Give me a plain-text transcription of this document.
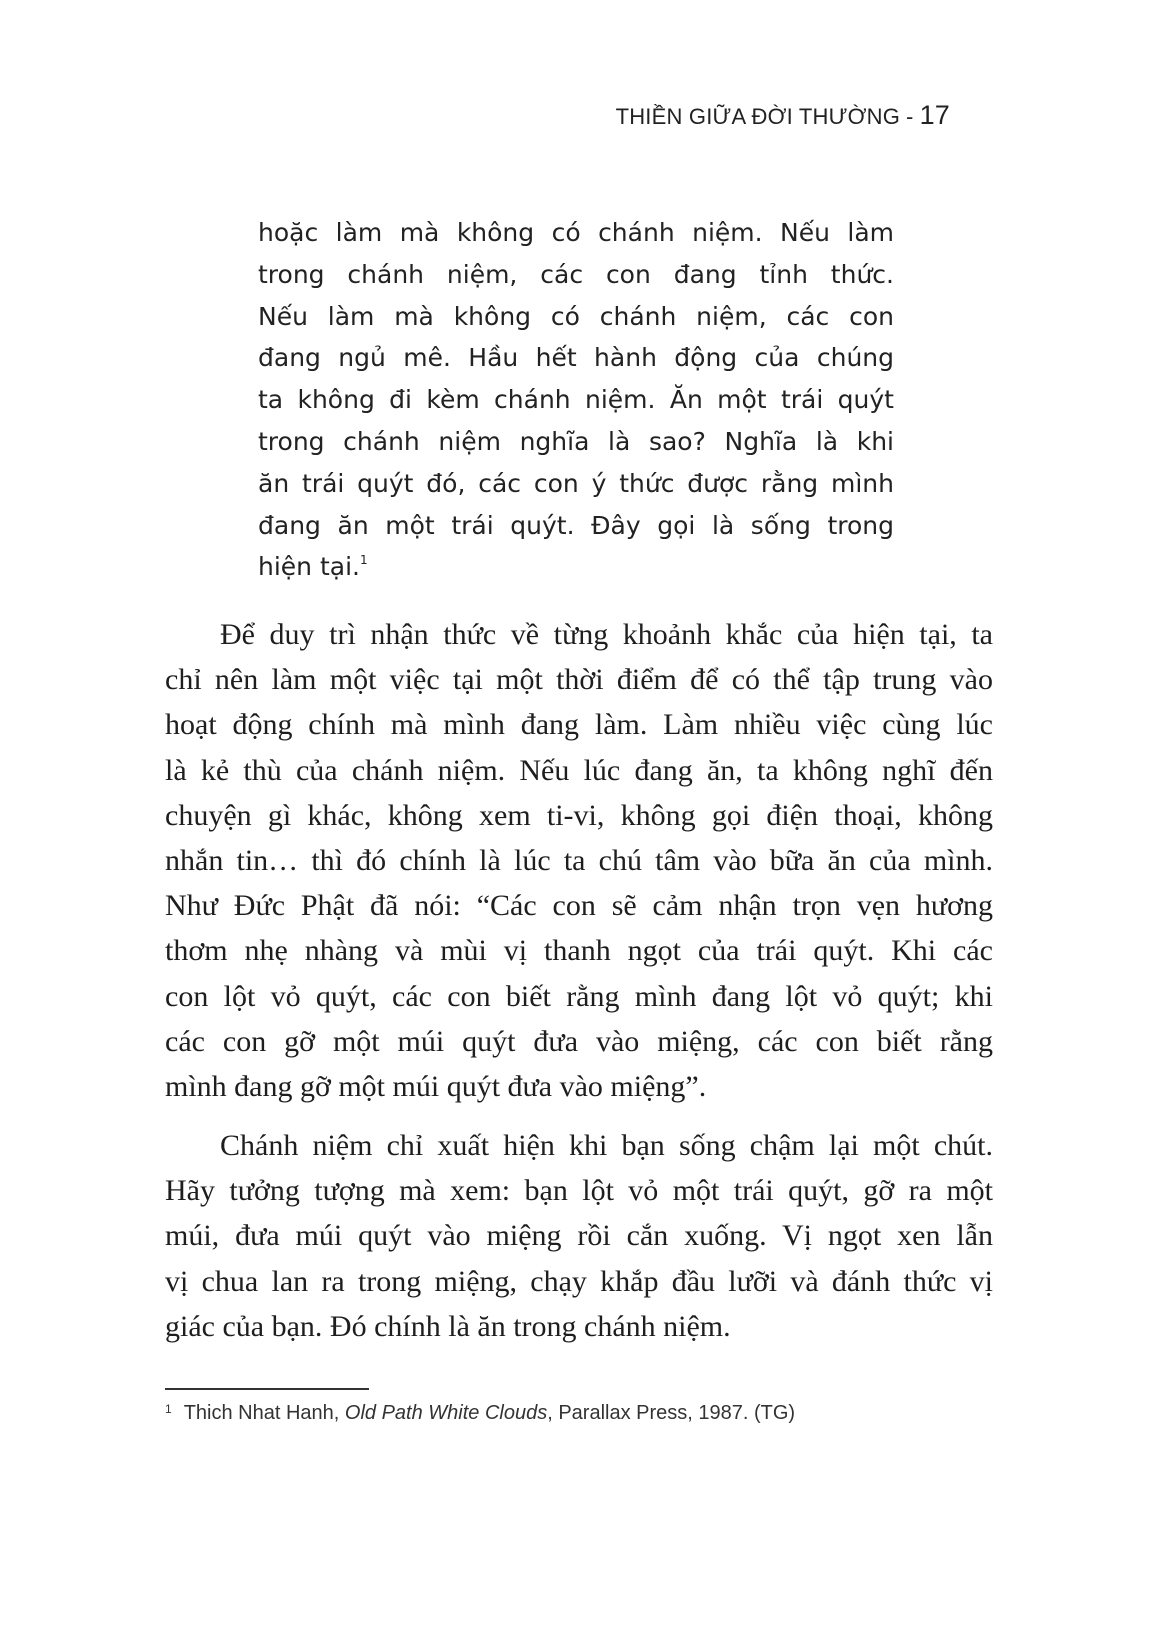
THIỀN GIỮA ĐỜI THƯỜNG - 17
hoặc làm mà không có chánh niệm. Nếu làm
trong chánh niệm, các con đang tỉnh thức.
Nếu làm mà không có chánh niệm, các con
đang ngủ mê. Hầu hết hành động của chúng
ta không đi kèm chánh niệm. Ăn một trái quýt
trong chánh niệm nghĩa là sao? Nghĩa là khi
ăn trái quýt đó, các con ý thức được rằng mình
đang ăn một trái quýt. Đây gọi là sống trong
hiện tại.$^1$
Để duy trì nhận thức về từng khoảnh khắc của hiện tại, ta
chỉ nên làm một việc tại một thời điểm để có thể tập trung vào
hoạt động chính mà mình đang làm. Làm nhiều việc cùng lúc
là kẻ thù của chánh niệm. Nếu lúc đang ăn, ta không nghĩ đến
chuyện gì khác, không xem ti-vi, không gọi điện thoại, không
nhắn tin… thì đó chính là lúc ta chú tâm vào bữa ăn của mình.
Như Đức Phật đã nói: “Các con sẽ cảm nhận trọn vẹn hương
thơm nhẹ nhàng và mùi vị thanh ngọt của trái quýt. Khi các
con lột vỏ quýt, các con biết rằng mình đang lột vỏ quýt; khi
các con gỡ một múi quýt đưa vào miệng, các con biết rằng
mình đang gỡ một múi quýt đưa vào miệng”.
Chánh niệm chỉ xuất hiện khi bạn sống chậm lại một chút.
Hãy tưởng tượng mà xem: bạn lột vỏ một trái quýt, gỡ ra một
múi, đưa múi quýt vào miệng rồi cắn xuống. Vị ngọt xen lẫn
vị chua lan ra trong miệng, chạy khắp đầu lưỡi và đánh thức vị
giác của bạn. Đó chính là ăn trong chánh niệm.
$^1$ Thich Nhat Hanh, Old Path White Clouds, Parallax Press, 1987. (TG)
